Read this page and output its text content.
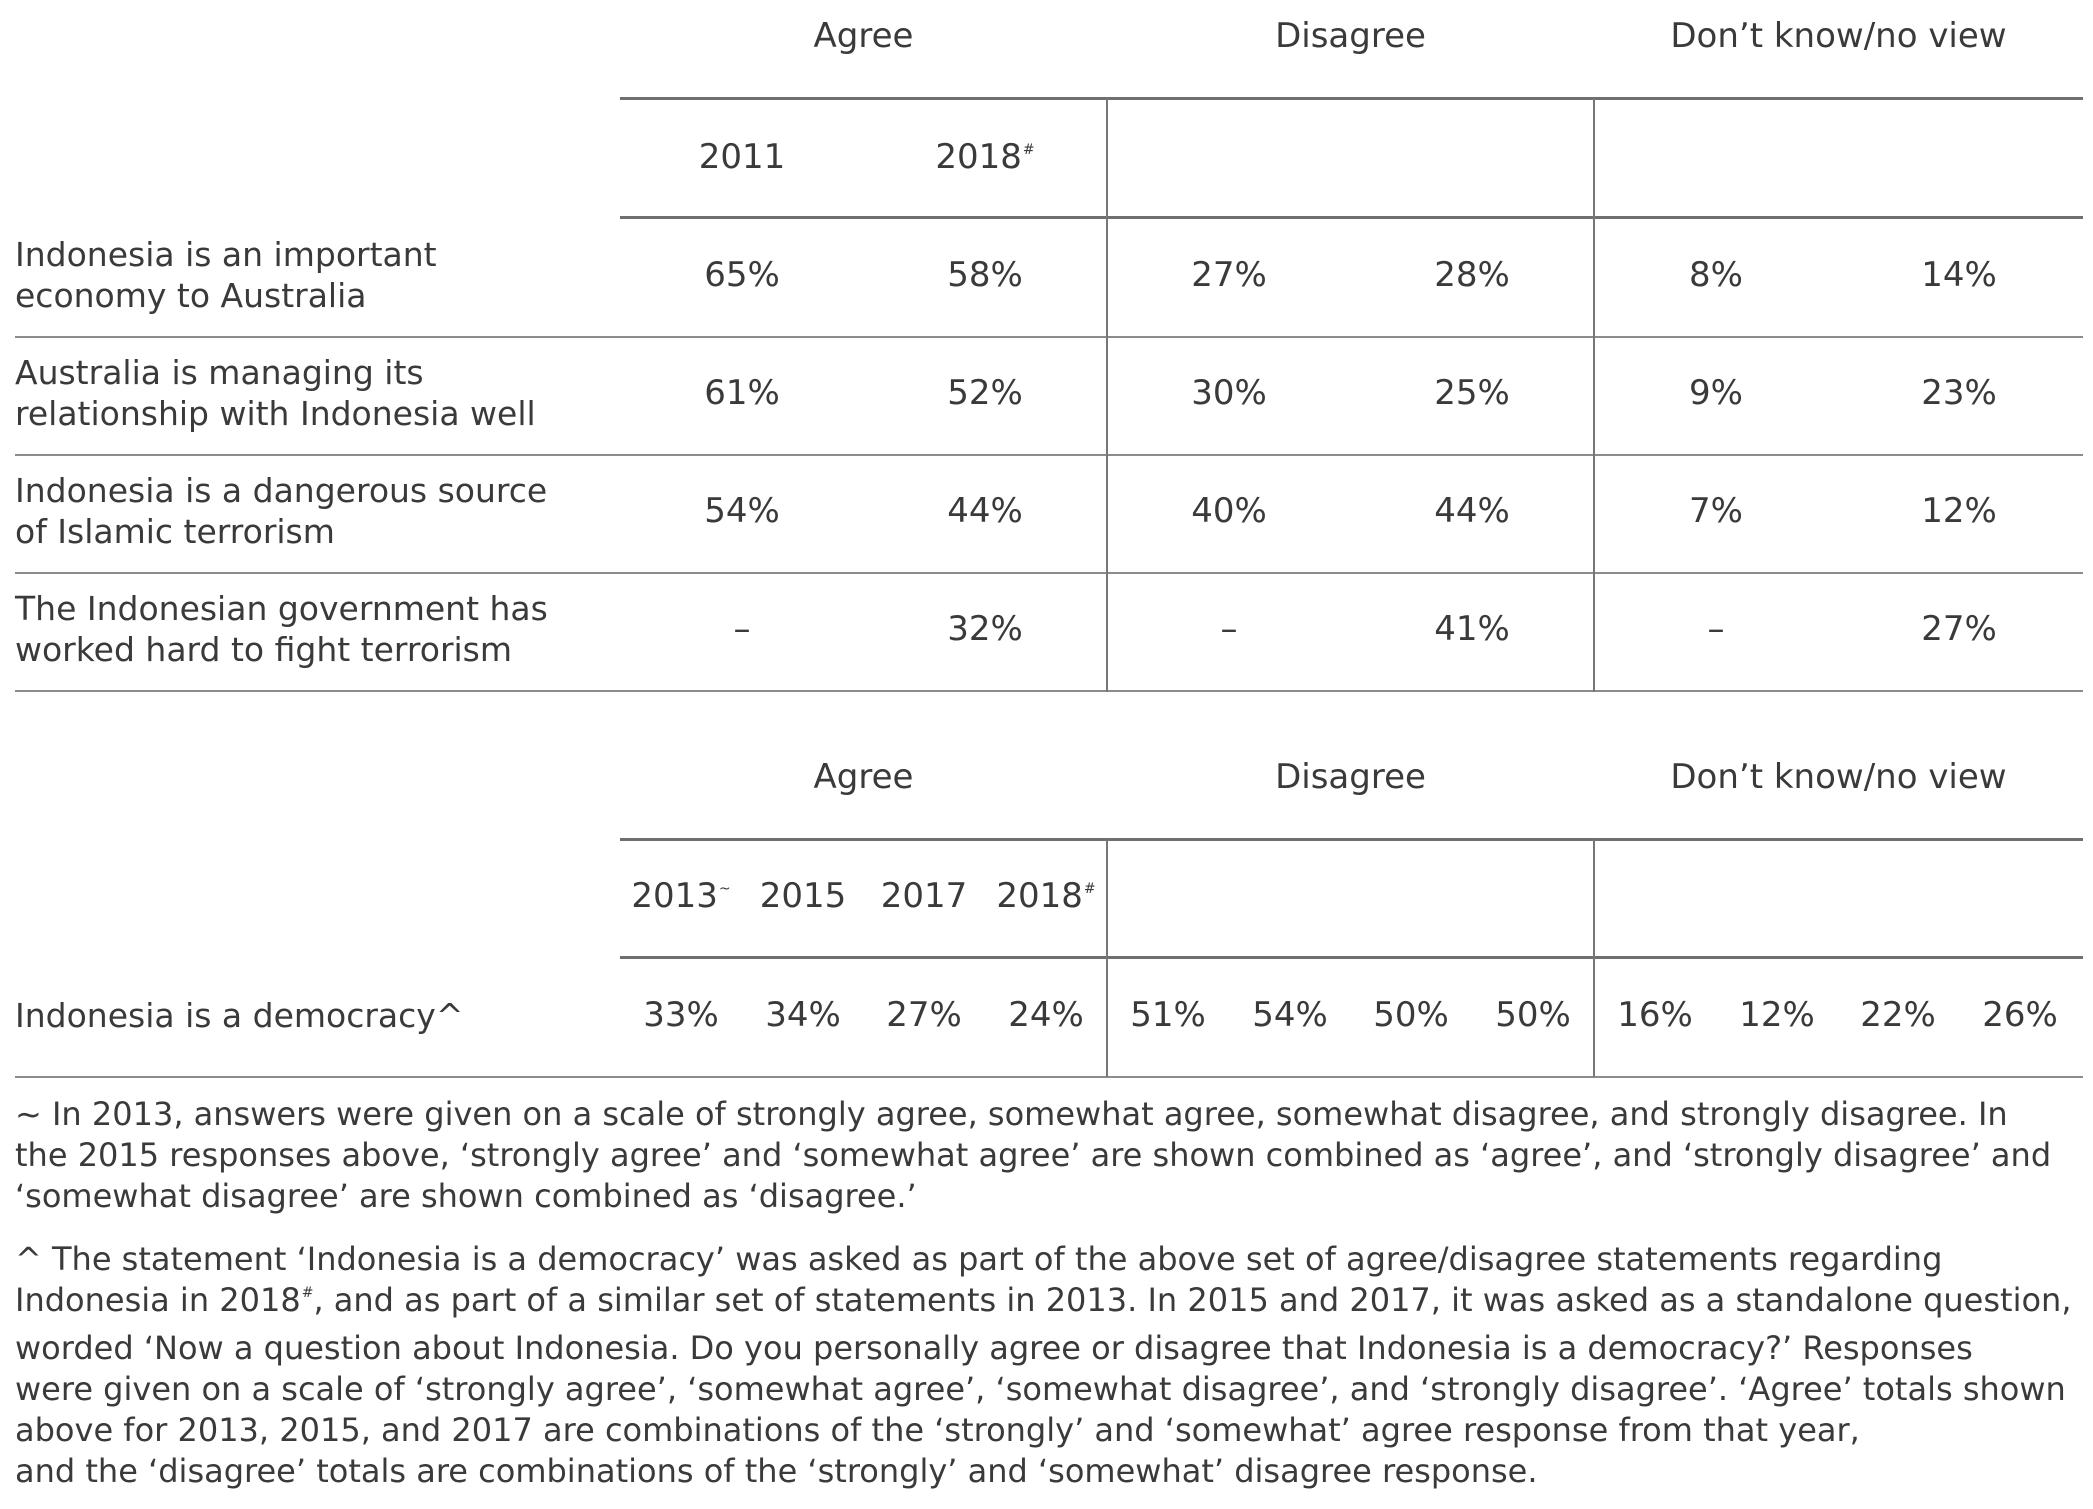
Agree	Disagree	Don’t know/no view
2011	2018#
Indonesia is an important
economy to Australia
65%	58%	27%	28%	8%	14%
Australia is managing its
relationship with Indonesia well
61%	52%	30%	25%	9%	23%
Indonesia is a dangerous source
of Islamic terrorism
54%	44%	40%	44%	7%	12%
The Indonesian government has
worked hard to fight terrorism
–	32%	–	41%	–	27%
Agree	Disagree	Don’t know/no view
2013~ 2015	2017 2018#
Indonesia is a democracy^	33%	34%	27%	24%	51%	54%	50%	50%	16%	12%	22%	26%
~ In 2013, answers were given on a scale of strongly agree, somewhat agree, somewhat disagree, and strongly disagree. In
the 2015 responses above, ‘strongly agree’ and ‘somewhat agree’ are shown combined as ‘agree’, and ‘strongly disagree’ and
‘somewhat disagree’ are shown combined as ‘disagree.’
^ The statement ‘Indonesia is a democracy’ was asked as part of the above set of agree/disagree statements regarding
Indonesia in 2018#, and as part of a similar set of statements in 2013. In 2015 and 2017, it was asked as a standalone question,
worded ‘Now a question about Indonesia. Do you personally agree or disagree that Indonesia is a democracy?’ Responses
were given on a scale of ‘strongly agree’, ‘somewhat agree’, ‘somewhat disagree’, and ‘strongly disagree’. ‘Agree’ totals shown
above for 2013, 2015, and 2017 are combinations of the ‘strongly’ and ‘somewhat’ agree response from that year,
and the ‘disagree’ totals are combinations of the ‘strongly’ and ‘somewhat’ disagree response.
